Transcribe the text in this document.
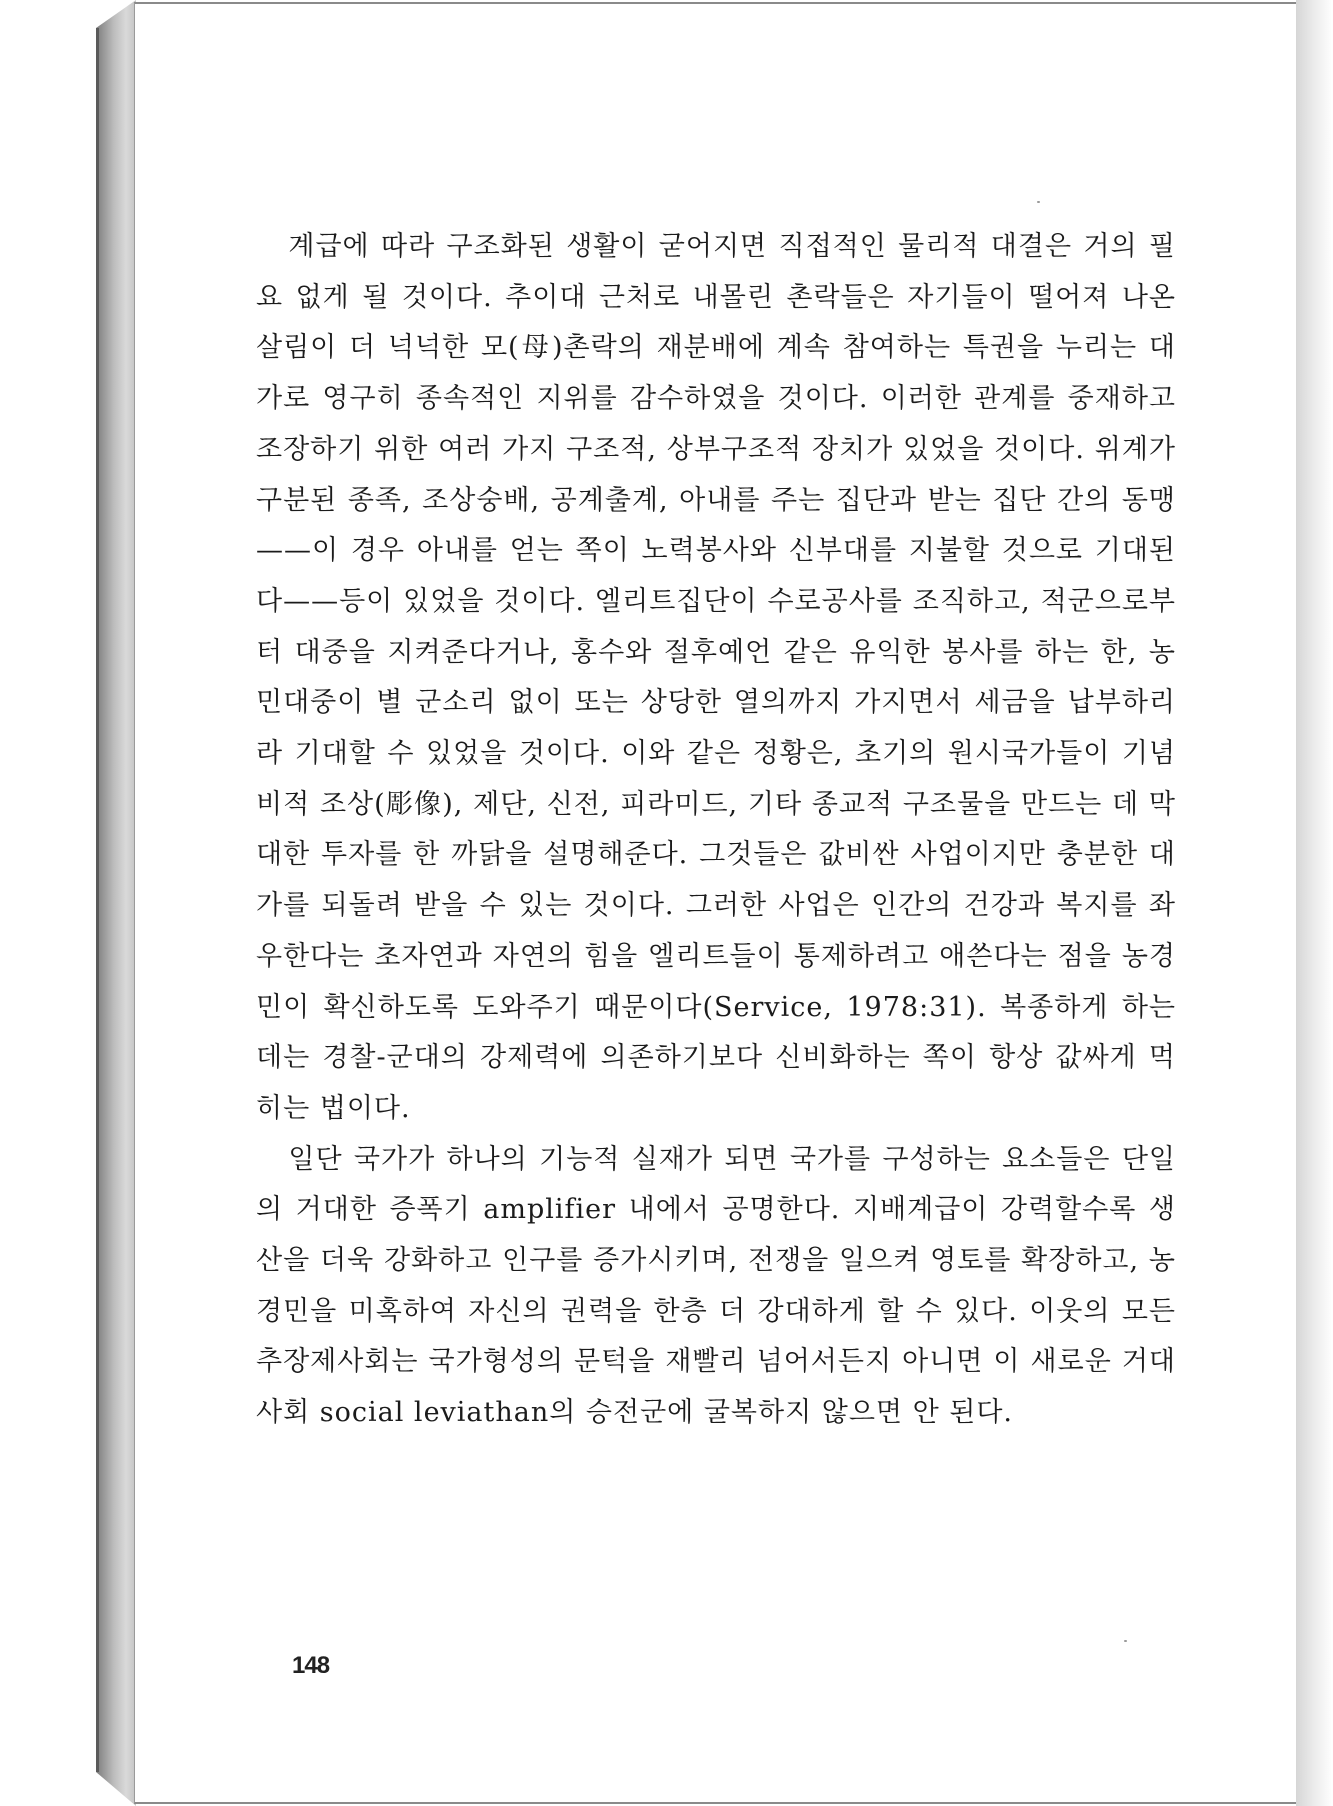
계급에 따라 구조화된 생활이 굳어지면 직접적인 물리적 대결은 거의 필요 없게 될 것이다. 추이대 근처로 내몰린 촌락들은 자기들이 떨어져 나온 살림이 더 넉넉한 모(母)촌락의 재분배에 계속 참여하는 특권을 누리는 대가로 영구히 종속적인 지위를 감수하였을 것이다. 이러한 관계를 중재하고 조장하기 위한 여러 가지 구조적, 상부구조적 장치가 있었을 것이다. 위계가 구분된 종족, 조상숭배, 공계출계, 아내를 주는 집단과 받는 집단 간의 동맹——이 경우 아내를 얻는 쪽이 노력봉사와 신부대를 지불할 것으로 기대된다——등이 있었을 것이다. 엘리트집단이 수로공사를 조직하고, 적군으로부터 대중을 지켜준다거나, 홍수와 절후예언 같은 유익한 봉사를 하는 한, 농민대중이 별 군소리 없이 또는 상당한 열의까지 가지면서 세금을 납부하리라 기대할 수 있었을 것이다. 이와 같은 정황은, 초기의 원시국가들이 기념비적 조상(彫像), 제단, 신전, 피라미드, 기타 종교적 구조물을 만드는 데 막대한 투자를 한 까닭을 설명해준다. 그것들은 값비싼 사업이지만 충분한 대가를 되돌려 받을 수 있는 것이다. 그러한 사업은 인간의 건강과 복지를 좌우한다는 초자연과 자연의 힘을 엘리트들이 통제하려고 애쓴다는 점을 농경민이 확신하도록 도와주기 때문이다(Service, 1978:31). 복종하게 하는 데는 경찰-군대의 강제력에 의존하기보다 신비화하는 쪽이 항상 값싸게 먹히는 법이다.

일단 국가가 하나의 기능적 실재가 되면 국가를 구성하는 요소들은 단일의 거대한 증폭기 amplifier 내에서 공명한다. 지배계급이 강력할수록 생산을 더욱 강화하고 인구를 증가시키며, 전쟁을 일으켜 영토를 확장하고, 농경민을 미혹하여 자신의 권력을 한층 더 강대하게 할 수 있다. 이웃의 모든 추장제사회는 국가형성의 문턱을 재빨리 넘어서든지 아니면 이 새로운 거대사회 social leviathan의 승전군에 굴복하지 않으면 안 된다.

148
